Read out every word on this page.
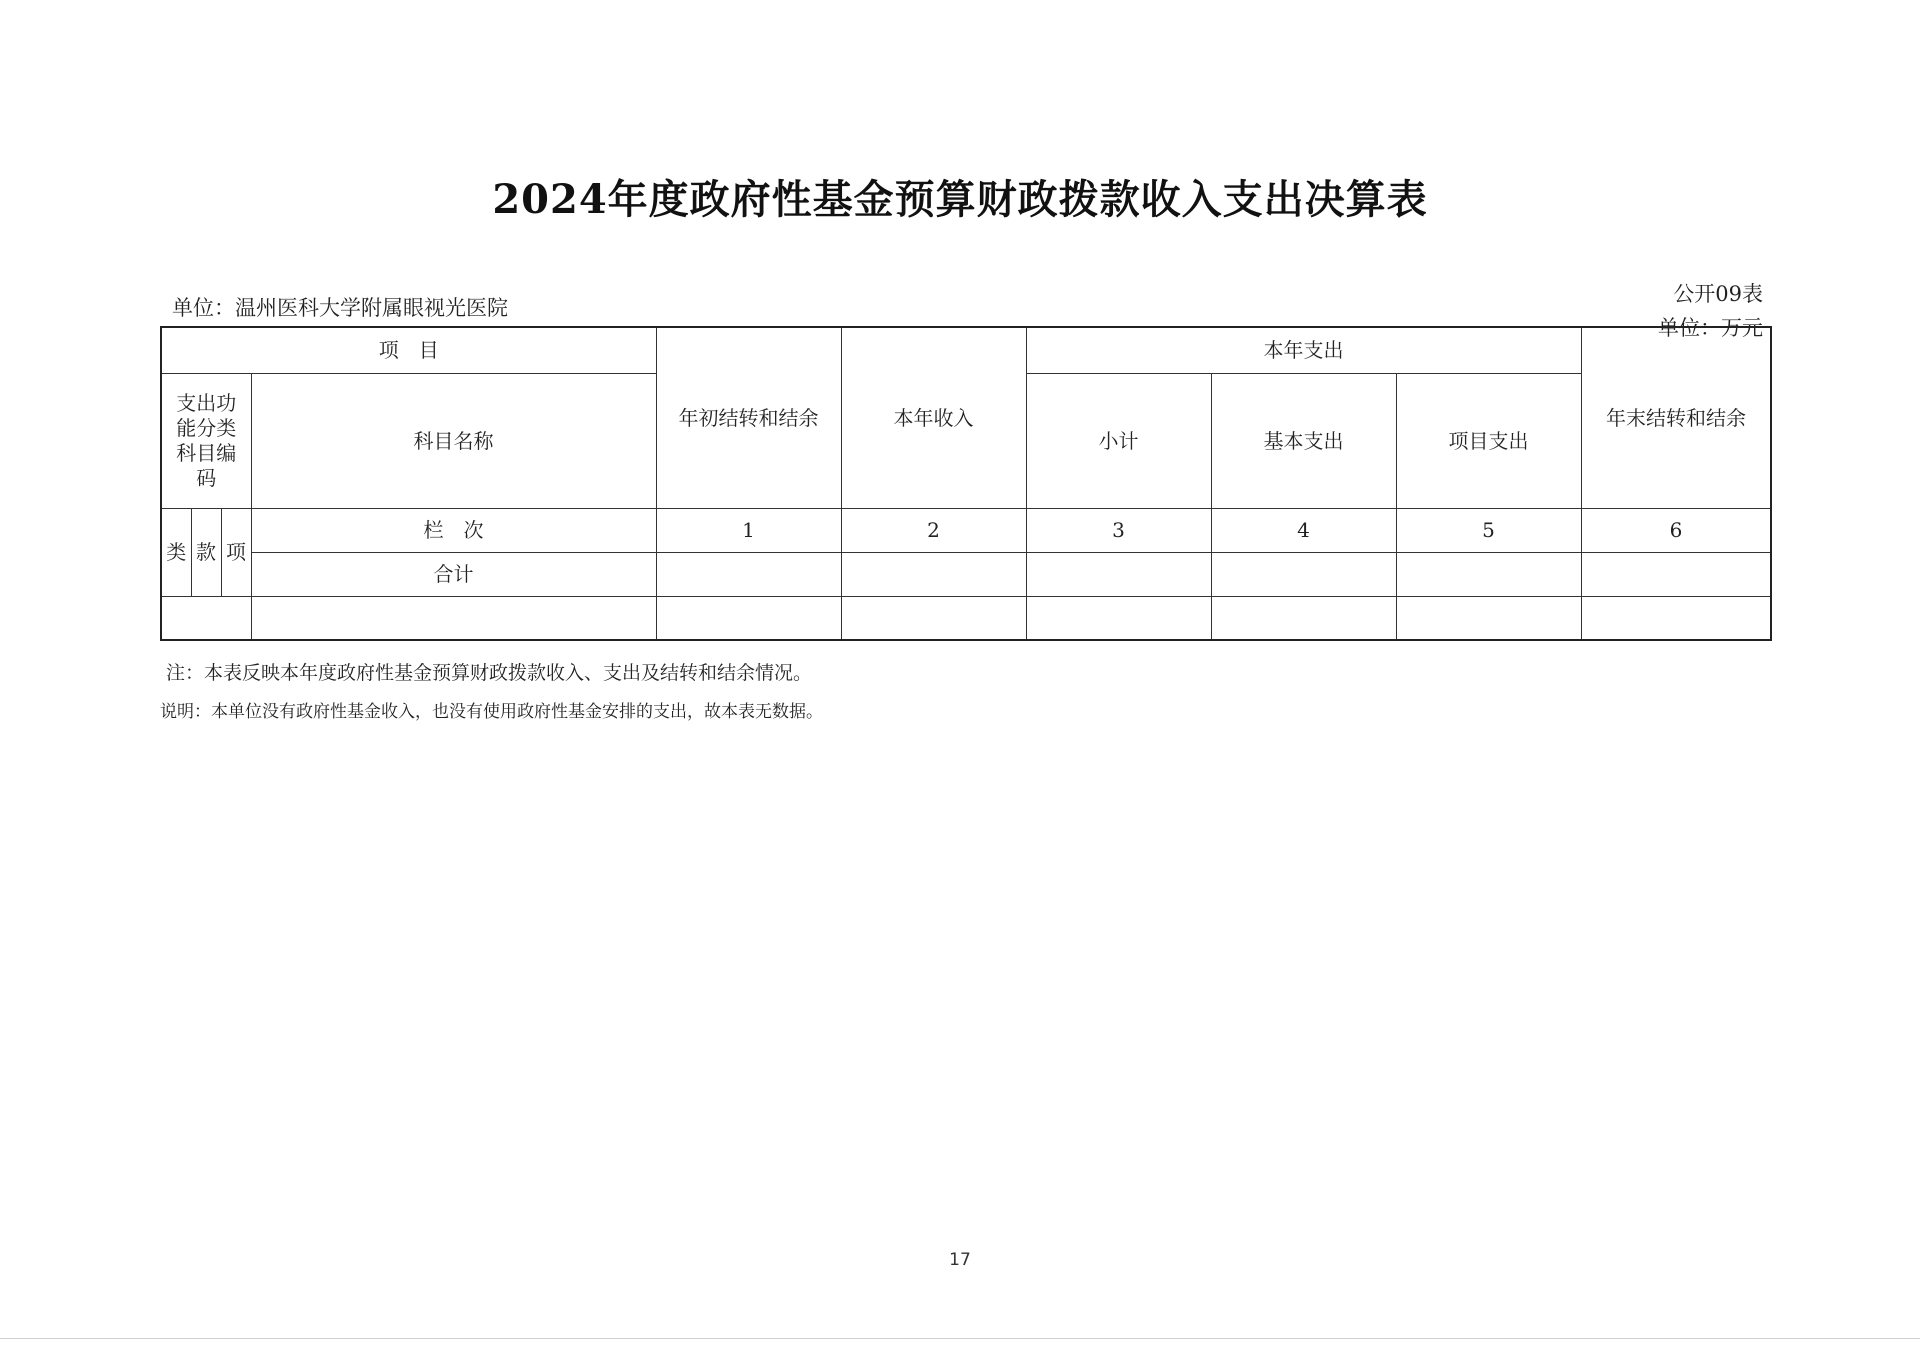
2024年度政府性基金预算财政拨款收入支出决算表
单位：温州医科大学附属眼视光医院
公开09表
单位：万元
项　目				年初结转和结余	本年收入	本年支出			年末结转和结余	
支出功能分类科目编码			科目名称			小计	基本支出	项目支出		
类	款	项	栏　次	1	2	3	4	5	6	
			合计							

注：本表反映本年度政府性基金预算财政拨款收入、支出及结转和结余情况。
说明：本单位没有政府性基金收入，也没有使用政府性基金安排的支出，故本表无数据。
17
